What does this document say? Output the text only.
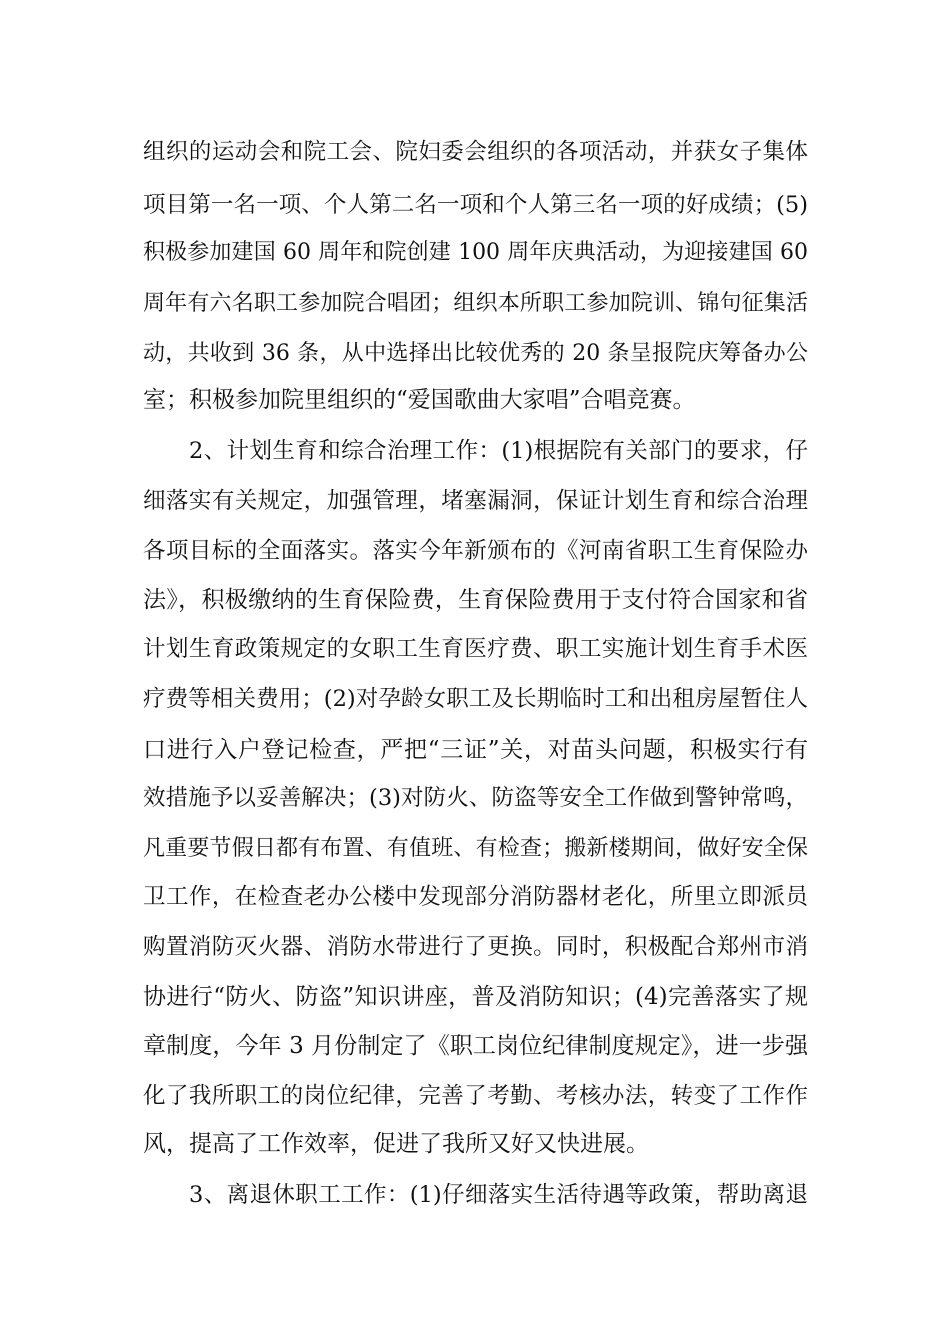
组织的运动会和院工会、院妇委会组织的各项活动，并获女子集体
项目第一名一项、个人第二名一项和个人第三名一项的好成绩；(5)
积极参加建国 60 周年和院创建 100 周年庆典活动，为迎接建国 60
周年有六名职工参加院合唱团；组织本所职工参加院训、锦句征集活
动，共收到 36 条，从中选择出比较优秀的 20 条呈报院庆筹备办公
室；积极参加院里组织的“爱国歌曲大家唱”合唱竞赛。
2、计划生育和综合治理工作：(1)根据院有关部门的要求，仔
细落实有关规定，加强管理，堵塞漏洞，保证计划生育和综合治理
各项目标的全面落实。落实今年新颁布的《河南省职工生育保险办
法》，积极缴纳的生育保险费，生育保险费用于支付符合国家和省
计划生育政策规定的女职工生育医疗费、职工实施计划生育手术医
疗费等相关费用；(2)对孕龄女职工及长期临时工和出租房屋暂住人
口进行入户登记检查，严把“三证”关，对苗头问题，积极实行有
效措施予以妥善解决；(3)对防火、防盗等安全工作做到警钟常鸣，
凡重要节假日都有布置、有值班、有检查；搬新楼期间，做好安全保
卫工作，在检查老办公楼中发现部分消防器材老化，所里立即派员
购置消防灭火器、消防水带进行了更换。同时，积极配合郑州市消
协进行“防火、防盗”知识讲座，普及消防知识；(4)完善落实了规
章制度，今年 3 月份制定了《职工岗位纪律制度规定》，进一步强
化了我所职工的岗位纪律，完善了考勤、考核办法，转变了工作作
风，提高了工作效率，促进了我所又好又快进展。
3、离退休职工工作：(1)仔细落实生活待遇等政策，帮助离退
